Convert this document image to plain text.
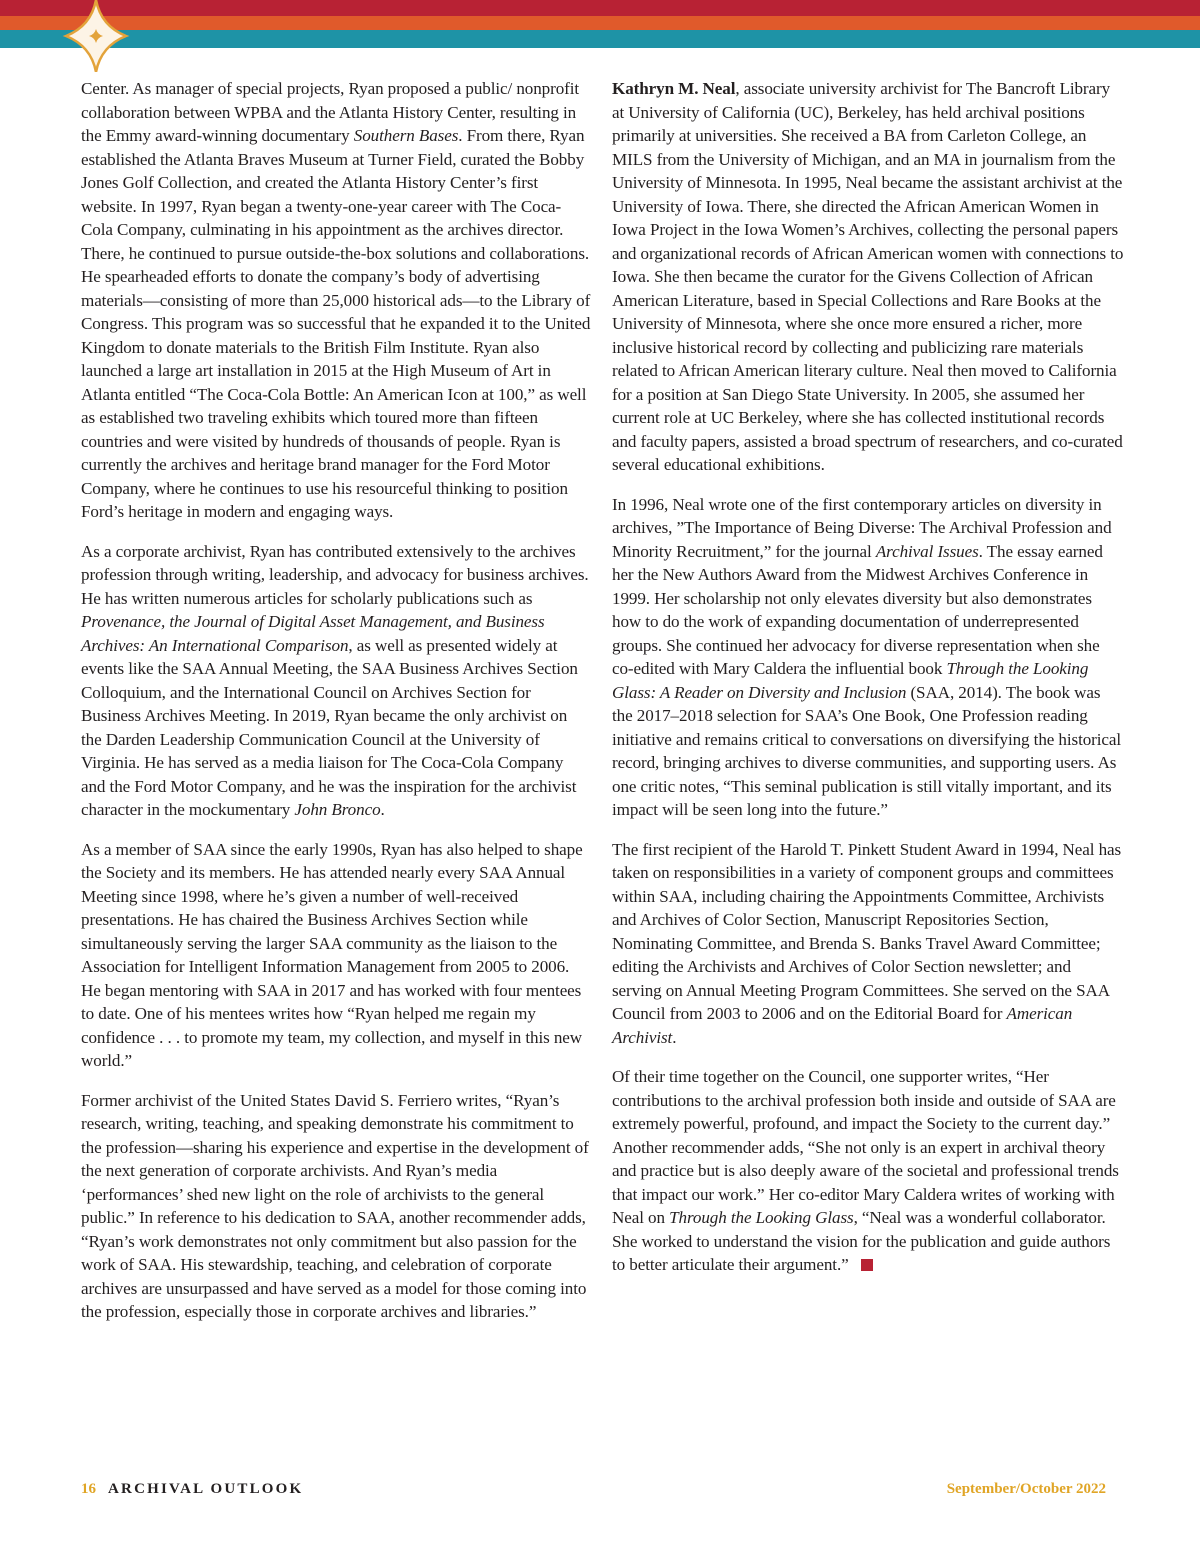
Center. As manager of special projects, Ryan proposed a public/ nonprofit collaboration between WPBA and the Atlanta History Center, resulting in the Emmy award-winning documentary Southern Bases. From there, Ryan established the Atlanta Braves Museum at Turner Field, curated the Bobby Jones Golf Collection, and created the Atlanta History Center’s first website. In 1997, Ryan began a twenty-one-year career with The Coca-Cola Company, culminating in his appointment as the archives director. There, he continued to pursue outside-the-box solutions and collaborations. He spearheaded efforts to donate the company’s body of advertising materials—consisting of more than 25,000 historical ads—to the Library of Congress. This program was so successful that he expanded it to the United Kingdom to donate materials to the British Film Institute. Ryan also launched a large art installation in 2015 at the High Museum of Art in Atlanta entitled “The Coca-Cola Bottle: An American Icon at 100,” as well as established two traveling exhibits which toured more than fifteen countries and were visited by hundreds of thousands of people. Ryan is currently the archives and heritage brand manager for the Ford Motor Company, where he continues to use his resourceful thinking to position Ford’s heritage in modern and engaging ways.

As a corporate archivist, Ryan has contributed extensively to the archives profession through writing, leadership, and advocacy for business archives. He has written numerous articles for scholarly publications such as Provenance, the Journal of Digital Asset Management, and Business Archives: An International Comparison, as well as presented widely at events like the SAA Annual Meeting, the SAA Business Archives Section Colloquium, and the International Council on Archives Section for Business Archives Meeting. In 2019, Ryan became the only archivist on the Darden Leadership Communication Council at the University of Virginia. He has served as a media liaison for The Coca-Cola Company and the Ford Motor Company, and he was the inspiration for the archivist character in the mockumentary John Bronco.

As a member of SAA since the early 1990s, Ryan has also helped to shape the Society and its members. He has attended nearly every SAA Annual Meeting since 1998, where he’s given a number of well-received presentations. He has chaired the Business Archives Section while simultaneously serving the larger SAA community as the liaison to the Association for Intelligent Information Management from 2005 to 2006. He began mentoring with SAA in 2017 and has worked with four mentees to date. One of his mentees writes how “Ryan helped me regain my confidence . . . to promote my team, my collection, and myself in this new world.”

Former archivist of the United States David S. Ferriero writes, “Ryan’s research, writing, teaching, and speaking demonstrate his commitment to the profession—sharing his experience and expertise in the development of the next generation of corporate archivists. And Ryan’s media ‘performances’ shed new light on the role of archivists to the general public.” In reference to his dedication to SAA, another recommender adds, “Ryan’s work demonstrates not only commitment but also passion for the work of SAA. His stewardship, teaching, and celebration of corporate archives are unsurpassed and have served as a model for those coming into the profession, especially those in corporate archives and libraries.”

Kathryn M. Neal, associate university archivist for The Bancroft Library at University of California (UC), Berkeley, has held archival positions primarily at universities. She received a BA from Carleton College, an MILS from the University of Michigan, and an MA in journalism from the University of Minnesota. In 1995, Neal became the assistant archivist at the University of Iowa. There, she directed the African American Women in Iowa Project in the Iowa Women’s Archives, collecting the personal papers and organizational records of African American women with connections to Iowa. She then became the curator for the Givens Collection of African American Literature, based in Special Collections and Rare Books at the University of Minnesota, where she once more ensured a richer, more inclusive historical record by collecting and publicizing rare materials related to African American literary culture. Neal then moved to California for a position at San Diego State University. In 2005, she assumed her current role at UC Berkeley, where she has collected institutional records and faculty papers, assisted a broad spectrum of researchers, and co-curated several educational exhibitions.

In 1996, Neal wrote one of the first contemporary articles on diversity in archives, ”The Importance of Being Diverse: The Archival Profession and Minority Recruitment,” for the journal Archival Issues. The essay earned her the New Authors Award from the Midwest Archives Conference in 1999. Her scholarship not only elevates diversity but also demonstrates how to do the work of expanding documentation of underrepresented groups. She continued her advocacy for diverse representation when she co-edited with Mary Caldera the influential book Through the Looking Glass: A Reader on Diversity and Inclusion (SAA, 2014). The book was the 2017–2018 selection for SAA’s One Book, One Profession reading initiative and remains critical to conversations on diversifying the historical record, bringing archives to diverse communities, and supporting users. As one critic notes, “This seminal publication is still vitally important, and its impact will be seen long into the future.”

The first recipient of the Harold T. Pinkett Student Award in 1994, Neal has taken on responsibilities in a variety of component groups and committees within SAA, including chairing the Appointments Committee, Archivists and Archives of Color Section, Manuscript Repositories Section, Nominating Committee, and Brenda S. Banks Travel Award Committee; editing the Archivists and Archives of Color Section newsletter; and serving on Annual Meeting Program Committees. She served on the SAA Council from 2003 to 2006 and on the Editorial Board for American Archivist.

Of their time together on the Council, one supporter writes, “Her contributions to the archival profession both inside and outside of SAA are extremely powerful, profound, and impact the Society to the current day.” Another recommender adds, “She not only is an expert in archival theory and practice but is also deeply aware of the societal and professional trends that impact our work.” Her co-editor Mary Caldera writes of working with Neal on Through the Looking Glass, “Neal was a wonderful collaborator. She worked to understand the vision for the publication and guide authors to better articulate their argument.”

16 ARCHIVAL OUTLOOK	September/October 2022
